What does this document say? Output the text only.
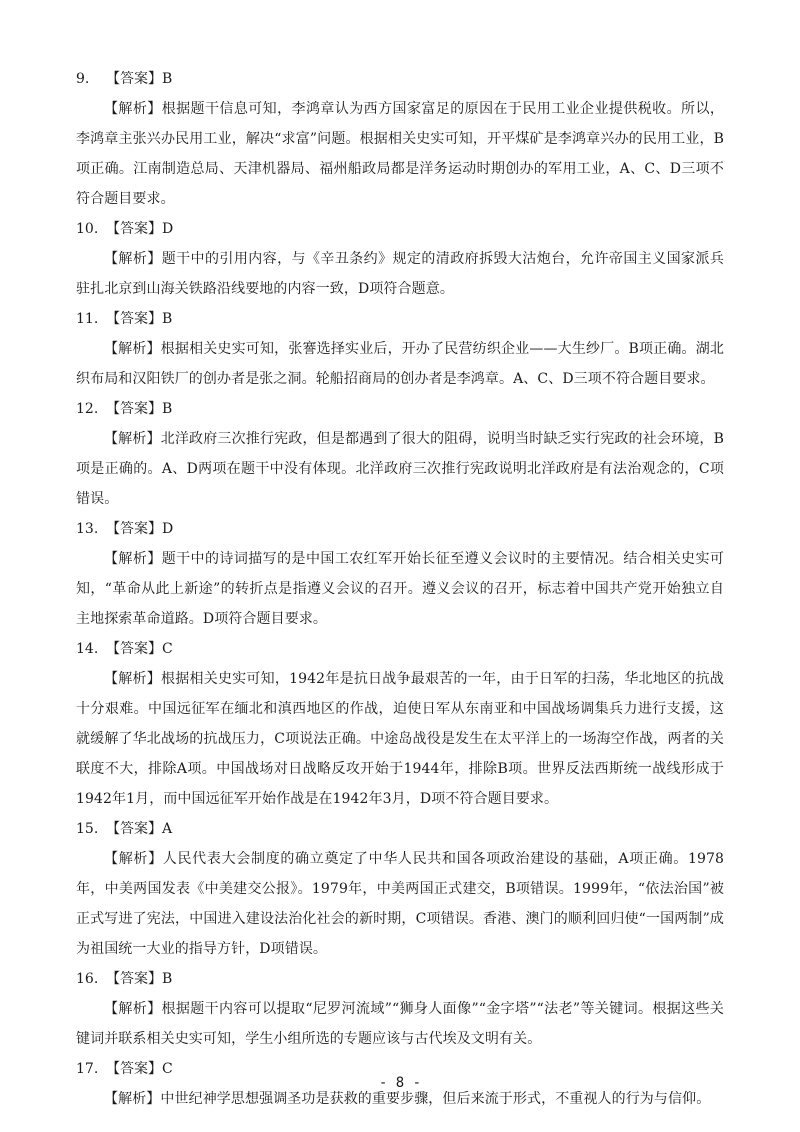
9. 【答案】B

【解析】根据题干信息可知，李鸿章认为西方国家富足的原因在于民用工业企业提供税收。所以，李鸿章主张兴办民用工业，解决“求富”问题。根据相关史实可知，开平煤矿是李鸿章兴办的民用工业，B项正确。江南制造总局、天津机器局、福州船政局都是洋务运动时期创办的军用工业，A、C、D三项不符合题目要求。

10. 【答案】D

【解析】题干中的引用内容，与《辛丑条约》规定的清政府拆毁大沽炮台，允许帝国主义国家派兵驻扎北京到山海关铁路沿线要地的内容一致，D项符合题意。

11. 【答案】B

【解析】根据相关史实可知，张謇选择实业后，开办了民营纺织企业——大生纱厂。B项正确。湖北织布局和汉阳铁厂的创办者是张之洞。轮船招商局的创办者是李鸿章。A、C、D三项不符合题目要求。

12. 【答案】B

【解析】北洋政府三次推行宪政，但是都遇到了很大的阻碍，说明当时缺乏实行宪政的社会环境，B项是正确的。A、D两项在题干中没有体现。北洋政府三次推行宪政说明北洋政府是有法治观念的，C项错误。

13. 【答案】D

【解析】题干中的诗词描写的是中国工农红军开始长征至遵义会议时的主要情况。结合相关史实可知，“革命从此上新途”的转折点是指遵义会议的召开。遵义会议的召开，标志着中国共产党开始独立自主地探索革命道路。D项符合题目要求。

14. 【答案】C

【解析】根据相关史实可知，1942年是抗日战争最艰苦的一年，由于日军的扫荡，华北地区的抗战十分艰难。中国远征军在缅北和滇西地区的作战，迫使日军从东南亚和中国战场调集兵力进行支援，这就缓解了华北战场的抗战压力，C项说法正确。中途岛战役是发生在太平洋上的一场海空作战，两者的关联度不大，排除A项。中国战场对日战略反攻开始于1944年，排除B项。世界反法西斯统一战线形成于1942年1月，而中国远征军开始作战是在1942年3月，D项不符合题目要求。

15. 【答案】A

【解析】人民代表大会制度的确立奠定了中华人民共和国各项政治建设的基础，A项正确。1978年，中美两国发表《中美建交公报》。1979年，中美两国正式建交，B项错误。1999年，“依法治国”被正式写进了宪法，中国进入建设法治化社会的新时期，C项错误。香港、澳门的顺利回归使“一国两制”成为祖国统一大业的指导方针，D项错误。

16. 【答案】B

【解析】根据题干内容可以提取“尼罗河流域”“狮身人面像”“金字塔”“法老”等关键词。根据这些关键词并联系相关史实可知，学生小组所选的专题应该与古代埃及文明有关。

17. 【答案】C

【解析】中世纪神学思想强调圣功是获救的重要步骤，但后来流于形式，不重视人的行为与信仰。

- 8 -
